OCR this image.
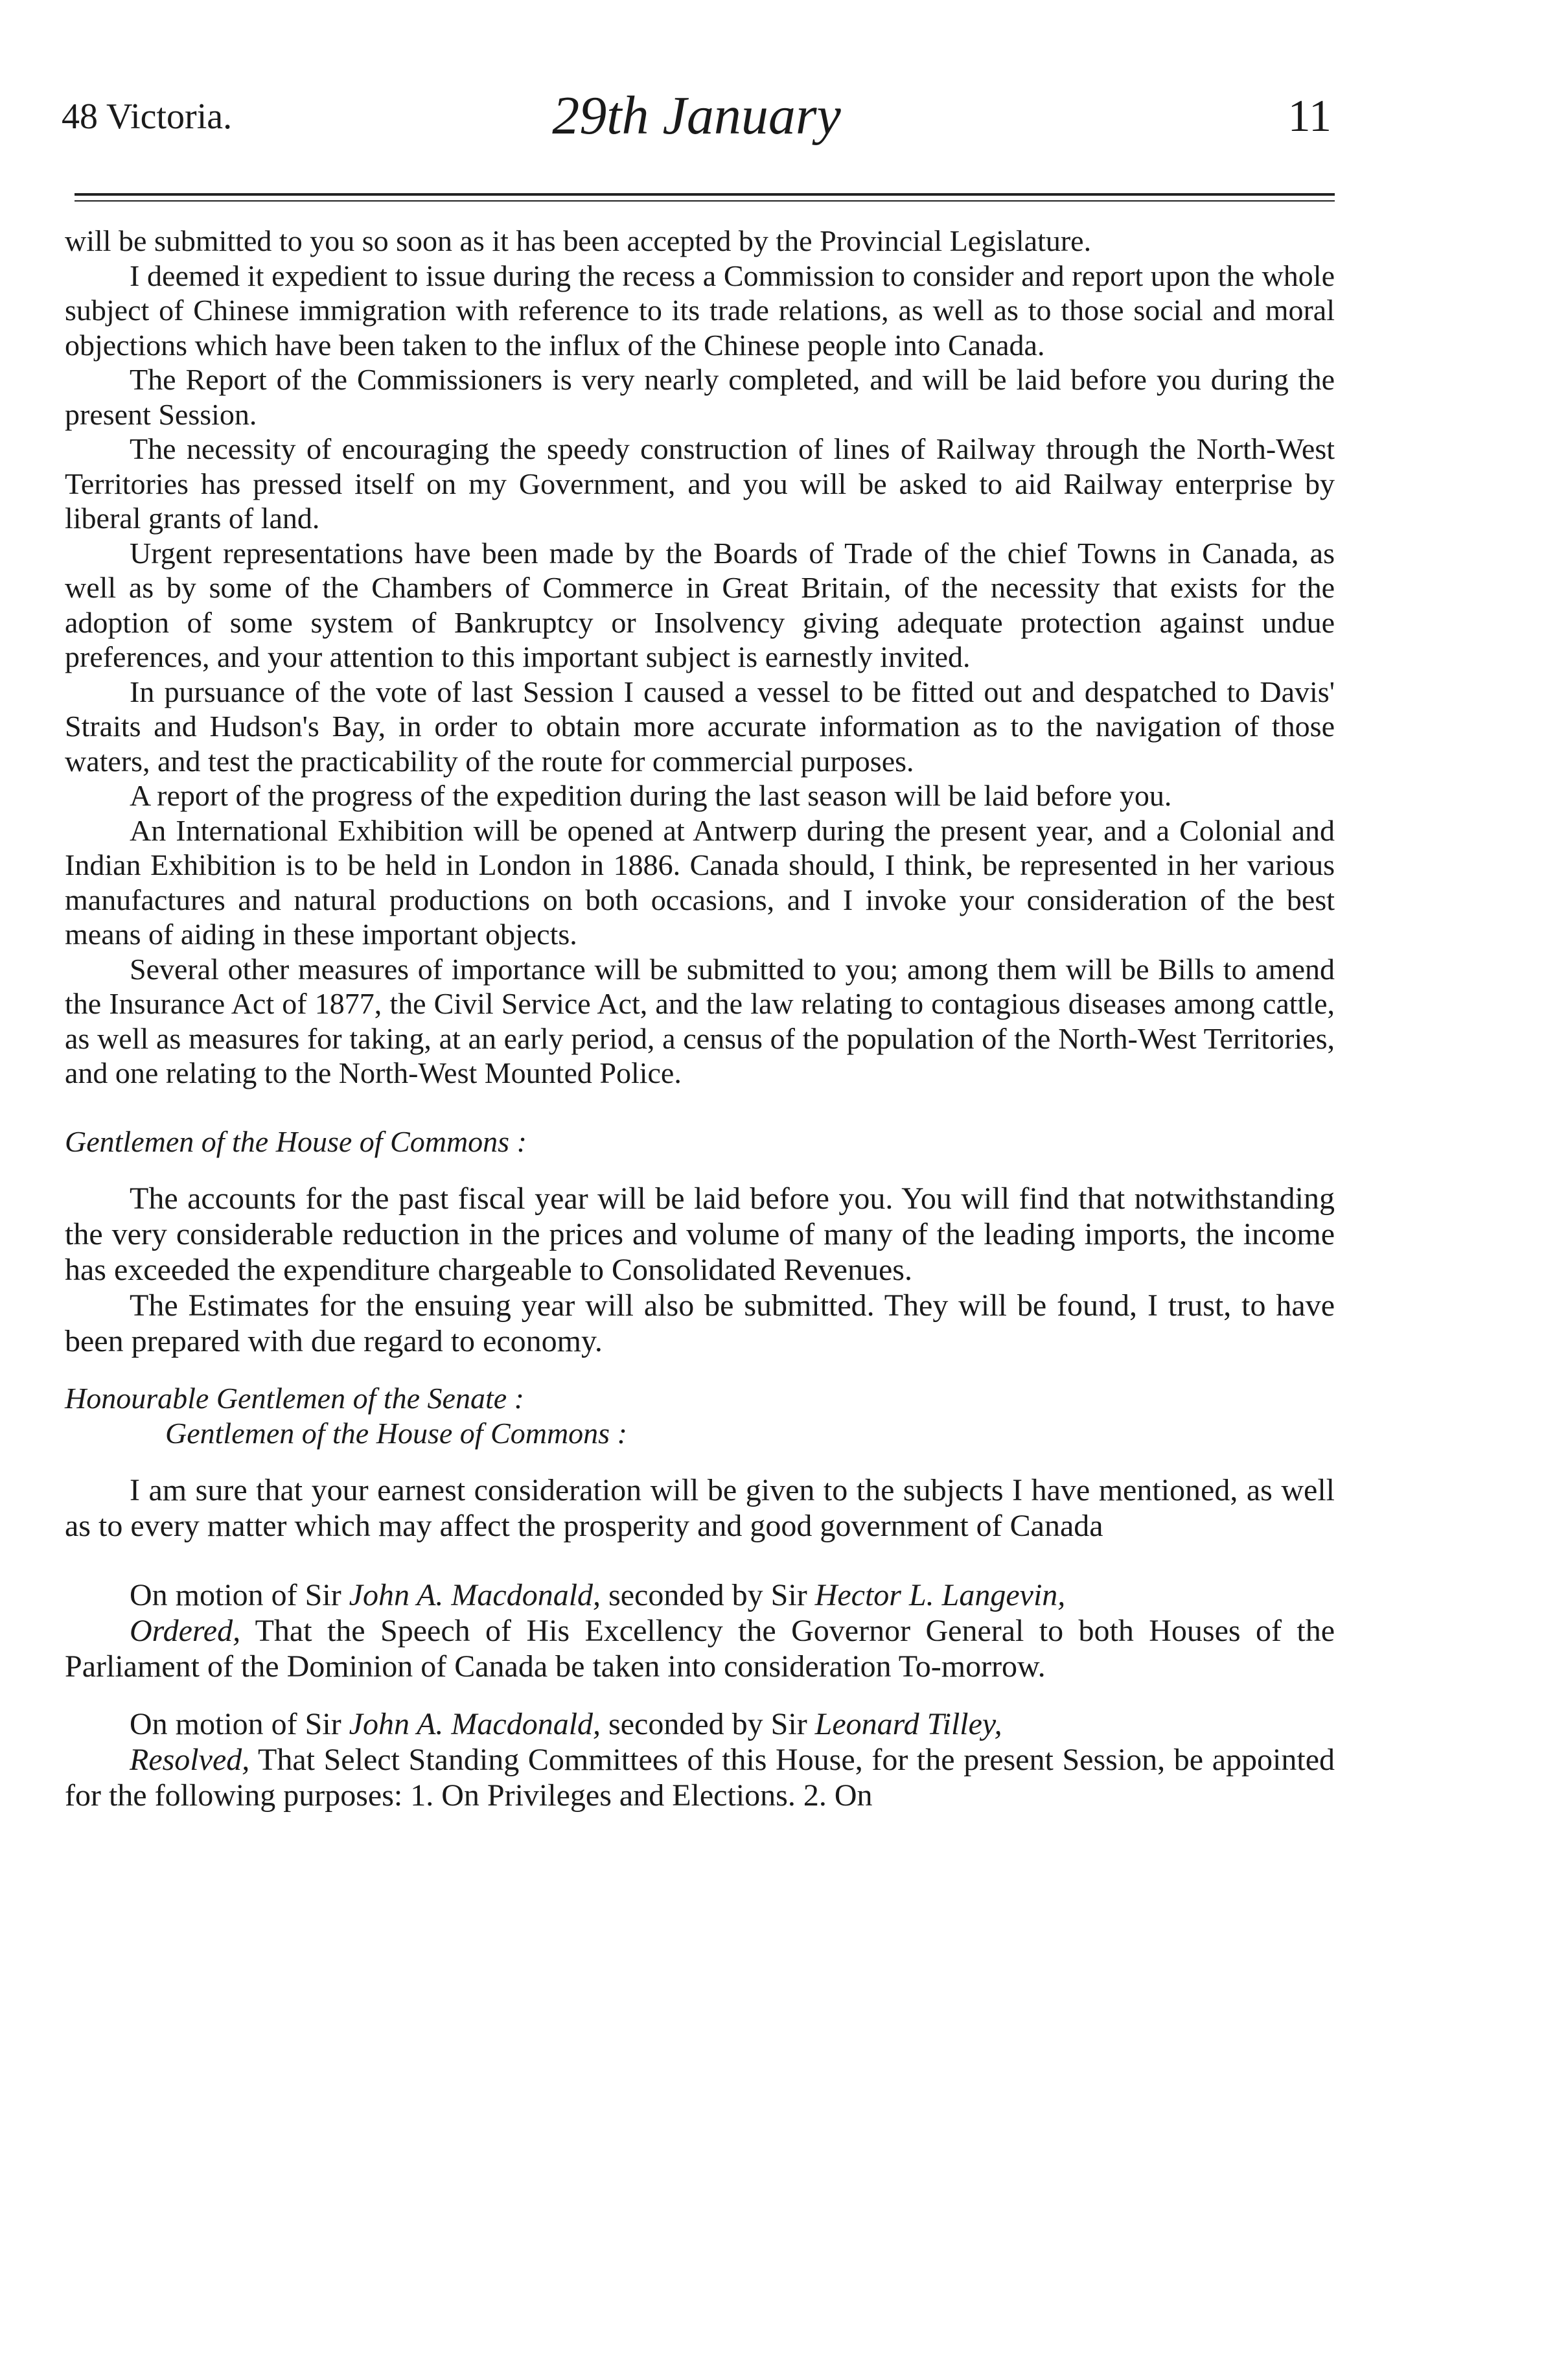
48 Victoria.	29th January	11

will be submitted to you so soon as it has been accepted by the Provincial Legislature.

I deemed it expedient to issue during the recess a Commission to consider and report upon the whole subject of Chinese immigration with reference to its trade relations, as well as to those social and moral objections which have been taken to the influx of the Chinese people into Canada.

The Report of the Commissioners is very nearly completed, and will be laid before you during the present Session.

The necessity of encouraging the speedy construction of lines of Railway through the North-West Territories has pressed itself on my Government, and you will be asked to aid Railway enterprise by liberal grants of land.

Urgent representations have been made by the Boards of Trade of the chief Towns in Canada, as well as by some of the Chambers of Commerce in Great Britain, of the necessity that exists for the adoption of some system of Bankruptcy or Insolvency giving adequate protection against undue preferences, and your attention to this important subject is earnestly invited.

In pursuance of the vote of last Session I caused a vessel to be fitted out and despatched to Davis' Straits and Hudson's Bay, in order to obtain more accurate information as to the navigation of those waters, and test the practicability of the route for commercial purposes.

A report of the progress of the expedition during the last season will be laid before you.

An International Exhibition will be opened at Antwerp during the present year, and a Colonial and Indian Exhibition is to be held in London in 1886. Canada should, I think, be represented in her various manufactures and natural productions on both occasions, and I invoke your consideration of the best means of aiding in these important objects.

Several other measures of importance will be submitted to you; among them will be Bills to amend the Insurance Act of 1877, the Civil Service Act, and the law relating to contagious diseases among cattle, as well as measures for taking, at an early period, a census of the population of the North-West Territories, and one relating to the North-West Mounted Police.

Gentlemen of the House of Commons :

The accounts for the past fiscal year will be laid before you. You will find that notwithstanding the very considerable reduction in the prices and volume of many of the leading imports, the income has exceeded the expenditure chargeable to Consolidated Revenues.

The Estimates for the ensuing year will also be submitted. They will be found, I trust, to have been prepared with due regard to economy.

Honourable Gentlemen of the Senate :

Gentlemen of the House of Commons :

I am sure that your earnest consideration will be given to the subjects I have mentioned, as well as to every matter which may affect the prosperity and good government of Canada

On motion of Sir John A. Macdonald, seconded by Sir Hector L. Langevin,

Ordered, That the Speech of His Excellency the Governor General to both Houses of the Parliament of the Dominion of Canada be taken into consideration To-morrow.

On motion of Sir John A. Macdonald, seconded by Sir Leonard Tilley,

Resolved, That Select Standing Committees of this House, for the present Session, be appointed for the following purposes: 1. On Privileges and Elections. 2. On
